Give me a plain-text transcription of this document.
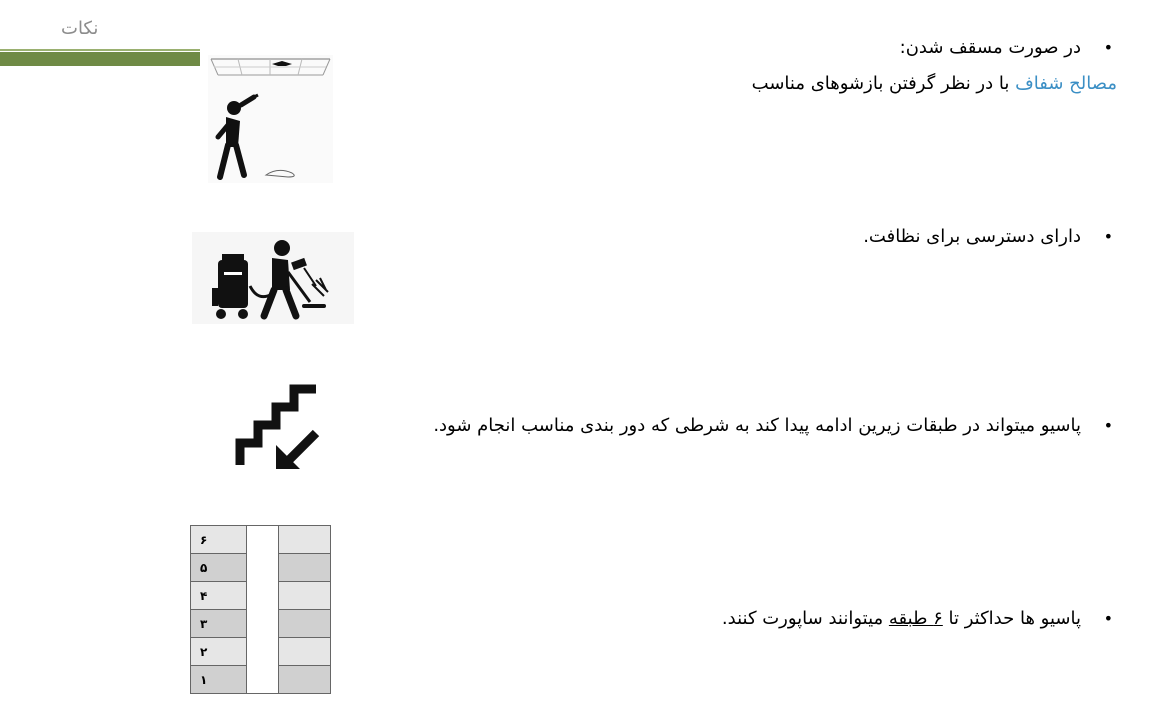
نکات
•در صورت مسقف شدن:
مصالح شفاف با در نظر گرفتن بازشوهای مناسب
•دارای دسترسی برای نظافت.
•پاسیو میتواند در طبقات زیرین ادامه پیدا کند به شرطی که دور بندی مناسب انجام شود.
•پاسیو ها حداکثر تا ۶ طبقه میتوانند ساپورت کنند.
۶		
۵		
۴		
۳		
۲		
۱		
